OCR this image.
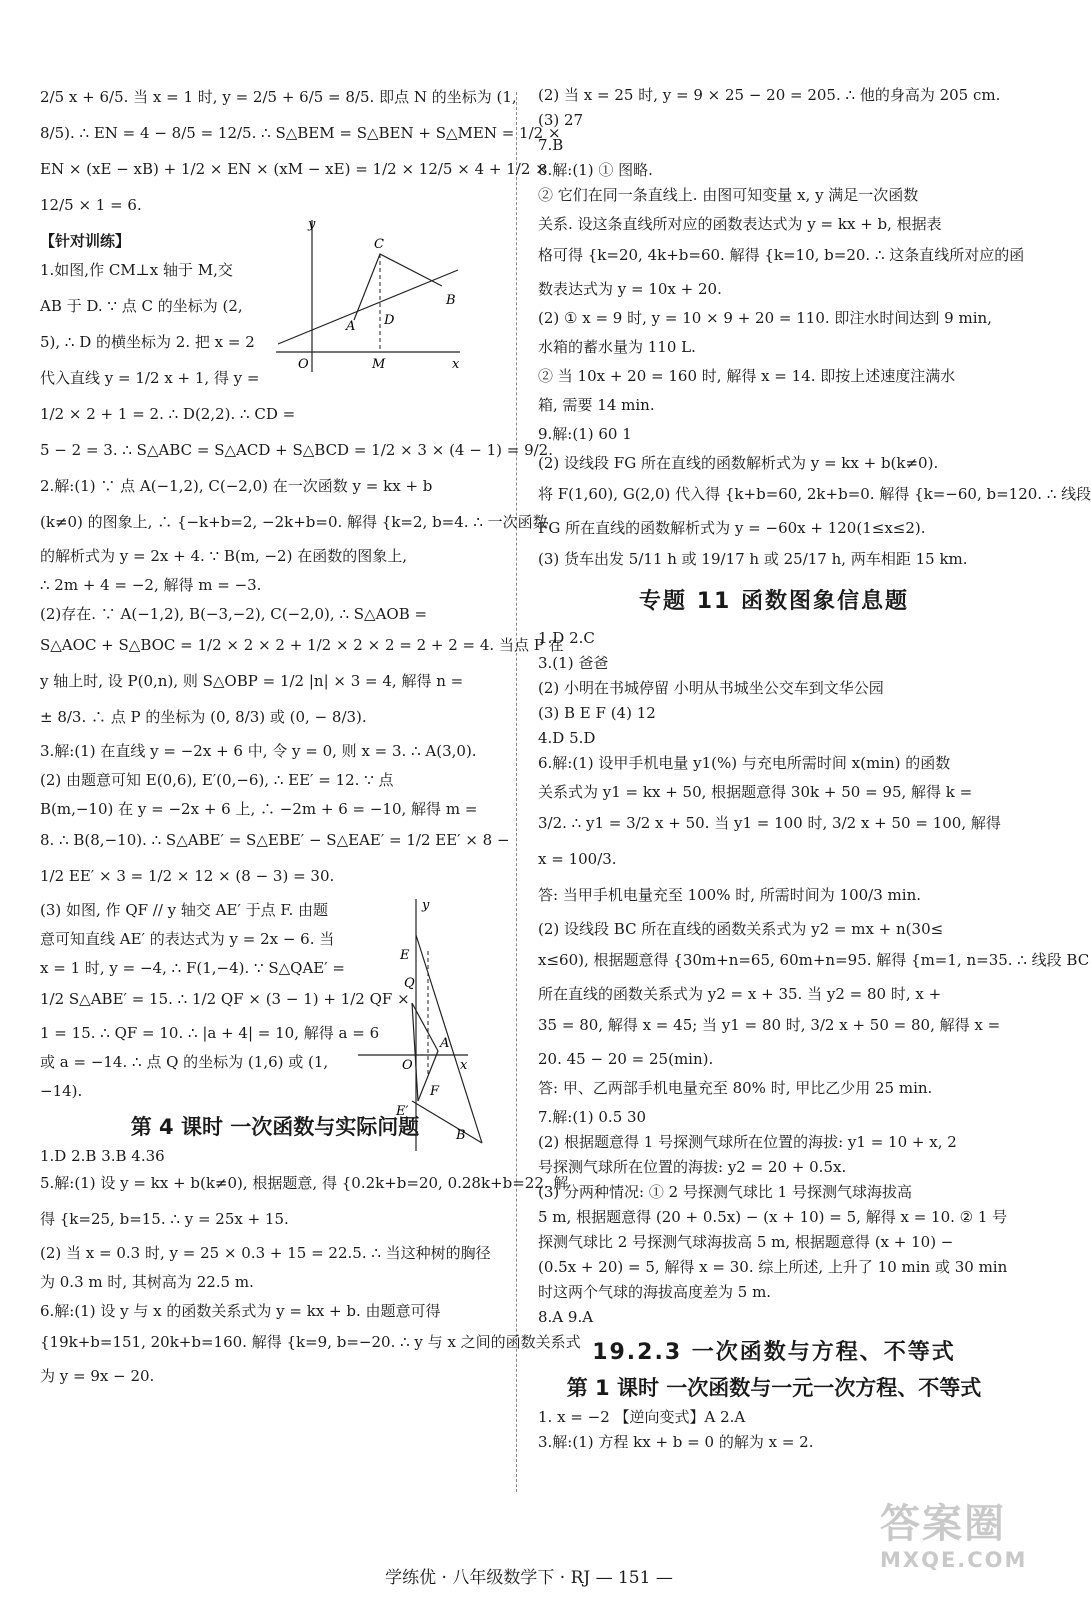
2/5 x + 6/5. 当 x = 1 时, y = 2/5 + 6/5 = 8/5. 即点 N 的坐标为 (1,
8/5). ∴ EN = 4 − 8/5 = 12/5. ∴ S△BEM = S△BEN + S△MEN = 1/2 ×
EN × (xE − xB) + 1/2 × EN × (xM − xE) = 1/2 × 12/5 × 4 + 1/2 ×
12/5 × 1 = 6.
【针对训练】
1.如图,作 CM⊥x 轴于 M,交
AB 于 D. ∵ 点 C 的坐标为 (2,
5), ∴ D 的横坐标为 2. 把 x = 2
代入直线 y = 1/2 x + 1, 得 y =
1/2 × 2 + 1 = 2. ∴ D(2,2). ∴ CD =
5 − 2 = 3. ∴ S△ABC = S△ACD + S△BCD = 1/2 × 3 × (4 − 1) = 9/2.
2.解:(1) ∵ 点 A(−1,2), C(−2,0) 在一次函数 y = kx + b
(k≠0) 的图象上, ∴ {−k+b=2, −2k+b=0. 解得 {k=2, b=4. ∴ 一次函数
的解析式为 y = 2x + 4. ∵ B(m, −2) 在函数的图象上,
∴ 2m + 4 = −2, 解得 m = −3.
(2)存在. ∵ A(−1,2), B(−3,−2), C(−2,0), ∴ S△AOB =
S△AOC + S△BOC = 1/2 × 2 × 2 + 1/2 × 2 × 2 = 2 + 2 = 4. 当点 P 在
y 轴上时, 设 P(0,n), 则 S△OBP = 1/2 |n| × 3 = 4, 解得 n =
± 8/3. ∴ 点 P 的坐标为 (0, 8/3) 或 (0, − 8/3).
3.解:(1) 在直线 y = −2x + 6 中, 令 y = 0, 则 x = 3. ∴ A(3,0).
(2) 由题意可知 E(0,6), E′(0,−6), ∴ EE′ = 12. ∵ 点
B(m,−10) 在 y = −2x + 6 上, ∴ −2m + 6 = −10, 解得 m =
8. ∴ B(8,−10). ∴ S△ABE′ = S△EBE′ − S△EAE′ = 1/2 EE′ × 8 −
1/2 EE′ × 3 = 1/2 × 12 × (8 − 3) = 30.
(3) 如图, 作 QF // y 轴交 AE′ 于点 F. 由题
意可知直线 AE′ 的表达式为 y = 2x − 6. 当
x = 1 时, y = −4, ∴ F(1,−4). ∵ S△QAE′ =
1/2 S△ABE′ = 15. ∴ 1/2 QF × (3 − 1) + 1/2 QF ×
1 = 15. ∴ QF = 10. ∴ |a + 4| = 10, 解得 a = 6
或 a = −14. ∴ 点 Q 的坐标为 (1,6) 或 (1,
−14).
第 4 课时 一次函数与实际问题
1.D 2.B 3.B 4.36
5.解:(1) 设 y = kx + b(k≠0), 根据题意, 得 {0.2k+b=20, 0.28k+b=22. 解
得 {k=25, b=15. ∴ y = 25x + 15.
(2) 当 x = 0.3 时, y = 25 × 0.3 + 15 = 22.5. ∴ 当这种树的胸径
为 0.3 m 时, 其树高为 22.5 m.
6.解:(1) 设 y 与 x 的函数关系式为 y = kx + b. 由题意可得
{19k+b=151, 20k+b=160. 解得 {k=9, b=−20. ∴ y 与 x 之间的函数关系式
为 y = 9x − 20.
y
C
B
A D
O	M	x
y
E
Q
O
A
x
F
E′
B
(2) 当 x = 25 时, y = 9 × 25 − 20 = 205. ∴ 他的身高为 205 cm.
(3) 27
7.B
8.解:(1) ① 图略.
② 它们在同一条直线上. 由图可知变量 x, y 满足一次函数
关系. 设这条直线所对应的函数表达式为 y = kx + b, 根据表
格可得 {k=20, 4k+b=60. 解得 {k=10, b=20. ∴ 这条直线所对应的函
数表达式为 y = 10x + 20.
(2) ① x = 9 时, y = 10 × 9 + 20 = 110. 即注水时间达到 9 min,
水箱的蓄水量为 110 L.
② 当 10x + 20 = 160 时, 解得 x = 14. 即按上述速度注满水
箱, 需要 14 min.
9.解:(1) 60 1
(2) 设线段 FG 所在直线的函数解析式为 y = kx + b(k≠0).
将 F(1,60), G(2,0) 代入得 {k+b=60, 2k+b=0. 解得 {k=−60, b=120. ∴ 线段
FG 所在直线的函数解析式为 y = −60x + 120(1≤x≤2).
(3) 货车出发 5/11 h 或 19/17 h 或 25/17 h, 两车相距 15 km.
专题 11 函数图象信息题
1.D 2.C
3.(1) 爸爸
(2) 小明在书城停留 小明从书城坐公交车到文华公园
(3) B E F (4) 12
4.D 5.D
6.解:(1) 设甲手机电量 y1(%) 与充电所需时间 x(min) 的函数
关系式为 y1 = kx + 50, 根据题意得 30k + 50 = 95, 解得 k =
3/2. ∴ y1 = 3/2 x + 50. 当 y1 = 100 时, 3/2 x + 50 = 100, 解得
x = 100/3.
答: 当甲手机电量充至 100% 时, 所需时间为 100/3 min.
(2) 设线段 BC 所在直线的函数关系式为 y2 = mx + n(30≤
x≤60), 根据题意得 {30m+n=65, 60m+n=95. 解得 {m=1, n=35. ∴ 线段 BC
所在直线的函数关系式为 y2 = x + 35. 当 y2 = 80 时, x +
35 = 80, 解得 x = 45; 当 y1 = 80 时, 3/2 x + 50 = 80, 解得 x =
20. 45 − 20 = 25(min).
答: 甲、乙两部手机电量充至 80% 时, 甲比乙少用 25 min.
7.解:(1) 0.5 30
(2) 根据题意得 1 号探测气球所在位置的海拔: y1 = 10 + x, 2
号探测气球所在位置的海拔: y2 = 20 + 0.5x.
(3) 分两种情况: ① 2 号探测气球比 1 号探测气球海拔高
5 m, 根据题意得 (20 + 0.5x) − (x + 10) = 5, 解得 x = 10. ② 1 号
探测气球比 2 号探测气球海拔高 5 m, 根据题意得 (x + 10) −
(0.5x + 20) = 5, 解得 x = 30. 综上所述, 上升了 10 min 或 30 min
时这两个气球的海拔高度差为 5 m.
8.A 9.A
19.2.3 一次函数与方程、不等式
第 1 课时 一次函数与一元一次方程、不等式
1. x = −2 【逆向变式】A 2.A
3.解:(1) 方程 kx + b = 0 的解为 x = 2.
学练优 · 八年级数学下 · RJ — 151 —
答案圈
MXQE.COM
